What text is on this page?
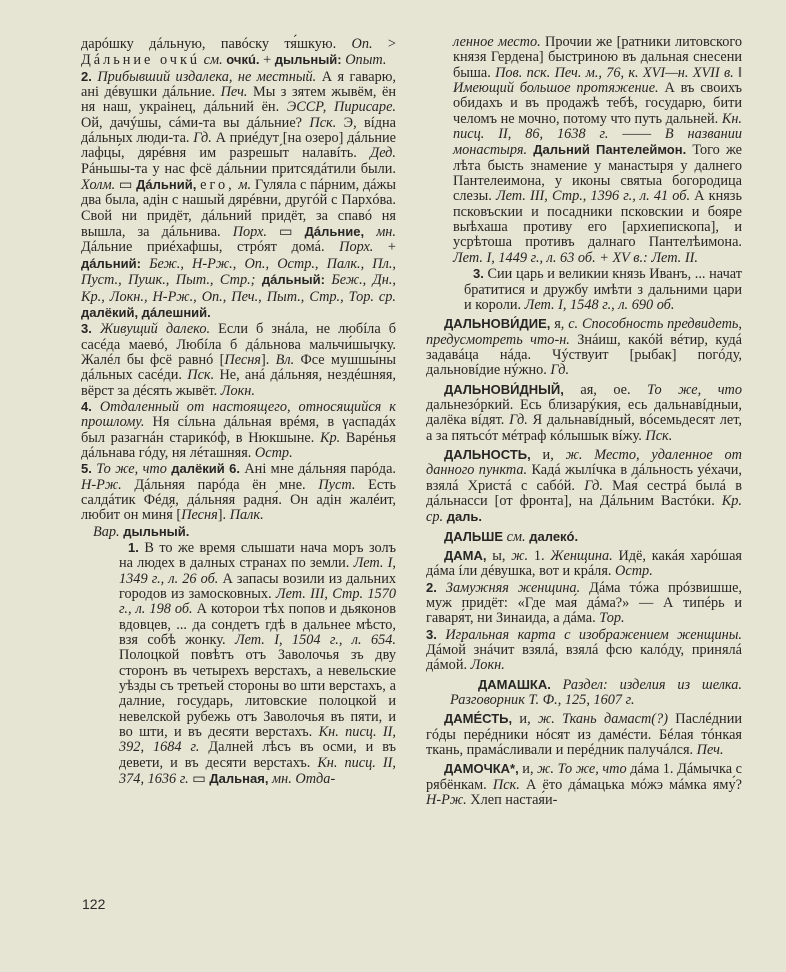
дарóшку дáльную, павóску тя́шкую. Оп. > Дáльние очкú см. очкú. + дыльный: Опыт.

2. Прибывший издалека, не местный. А я гаварю, ані дéвушки дáльние. Печ. Мы з зятем жывём, ён ня наш, украінец, дáльний ён. ЭССР, Пирисаре. Ой, дачýшы, сáми-та вы дáльние? Пск. Э, вíдна дáльных люди-та. Гд. А приéдут [на озеро] дáльние лафцы́, дярéвня им разрешы́т налавíть. Дед. Рáньшы-та у нас фсё дáльнии притсядáтили были. Холм. ▭ Дáльний, его, м. Гуля́ла с пáрним, дáжы два была, адін с нашый дярéвни, другóй с Пархóва. Свой ни придёт, дáльний придёт, за спавó ня вышла, за дáльнива. Порх. ▭ Дáльние, мн. Дáльние приéхафшы, стрóят домá. Порх. + дáльний: Беж., Н-Рж., Оп., Остр., Палк., Пл., Пуст., Пушк., Пыт., Стр.; дáльный: Беж., Дн., Кр., Локн., Н-Рж., Оп., Печ., Пыт., Стр., Тор. ср. далёкий, дáлешний.

3. Живущий далеко. Если б знáла, не любíла б сасéда маевó, Любíла б дáльнова мальчи́шычку. Жалéл бы фсё равнó [Песня]. Вл. Фсе мушшы́ны дáльных сасéди. Пск. Не, анá дáльняя, нездéшняя, вёрст за дéсять жывёт. Локн.

4. Отдаленный от настоящего, относящийся к прошлому. Ня сíльна дáльная врéмя, в γаспадáх был разагнáн старикóф, в Нюкшыне. Кр. Варéнья дáльнава гóду, ня лéташняя. Остр.

5. То же, что далёкий 6. Ані мне дáльняя парóда. Н-Рж. Дáльняя парóда ён мне. Пуст. Есть салдáтик Фéдя, дáльняя радня́. Он адін жалéит, любит он миня́ [Песня]. Палк.

Вар. дыльный.

1. В то же время слышати нача моръ золъ на людех в далных странах по земли. Лет. I, 1349 г., л. 26 об. А запасы возили из дальних городов из замосковных. Лет. III, Стр. 1570 г., л. 198 об. А которои тѣх попов и дьяконов вдовцев, ... да сондетъ гдѣ в дальнее мѣсто, взя собѣ жонку. Лет. I, 1504 г., л. 654. Полоцкой повѣтъ отъ Заволочья зъ дву сторонъ въ четырехъ верстахъ, а невельские уѣзды съ третьей стороны во шти верстахъ, а далние, государь, литовские полоцкой и невелской рубежь отъ Заволочья въ пяти, и во шти, и въ десяти верстахъ. Кн. писц. II, 392, 1684 г. Далней лѣсъ въ осми, и въ девети, и въ десяти верстахъ. Кн. писц. II, 374, 1636 г. ▭ Дальная, мн. Отда-

ленное место. Прочии же [ратники литовского князя Гердена] быстриною въ дальная снесени быша. Пов. пск. Печ. м., 76, к. XVI—н. XVII в. ‖ Имеющий большое протяжение. А въ своихъ обидахъ и въ продажѣ тебѣ, государю, бити челомъ не мочно, потому что путь дальней. Кн. писц. II, 86, 1638 г. —— В названии монастыря. Дальний Пантелеймон. Того же лѣта бысть знамение у манастыря у далнего Пантелеимона, у иконы святыа богородица слезы. Лет. III, Стр., 1396 г., л. 41 об. А князь псковъскии и посадники псковскии и бояре выѣхаша противу его [архиепископа], и усрѣтоша противъ далнаго Пантелѣимона. Лет. I, 1449 г., л. 63 об. + XV в.: Лет. II.

3. Сии царь и великии князь Иванъ, ... начат братитися и дружбу имѣти з дальними цари и короли. Лет. I, 1548 г., л. 690 об.

ДАЛЬНОВИ́ДИЕ, я, с. Способность предвидеть, предусмотреть что-н. Знáиш, какóй вéтир, кудá задавáца нáда. Чýствуит [рыбак] погóду, дальновíдие нýжно. Гд.

ДАЛЬНОВИ́ДНЫЙ, ая, ое. То же, что дальнезóркий. Есь близарýкия, есь дальнавíдныи, далёка вíдят. Гд. Я дальнавíдный, вóсемьдесят лет, а за пятьсóт мéтраф кóлышык вíжу. Пск.

ДАЛЬНОСТЬ, и, ж. Место, удаленное от данного пункта. Кадá жылíчка в дáльность уéхачи, взялá Христá с сабóй. Гд. Мая́ сестрá былá в дáльнасси [от фронта], на Дáльним Вастóки. Кр. ср. даль.

ДАЛЬШЕ см. далекó.

ДАМА, ы, ж. 1. Женщина. Идё, какáя харóшая дáма íли дéвушка, вот и крáля. Остр.

2. Замужняя женщина. Дáма тóжа прóзвишше, муж придёт: «Где мая́ дáма?» — А типéрь и гаваря́т, ни Зинаида, а дáма. Тор.

3. Игральная карта с изображением женщины. Дáмой знáчит взялá, взялá фсю калóду, принялá дáмой. Локн.

ДАМАШКА. Раздел: изделия из шелка. Разговорник Т. Ф., 125, 1607 г.

ДАМЕ́СТЬ, и, ж. Ткань дамаст(?) Паслéднии гóды перéдники нóсят из дамéсти. Бéлая тóнкая ткань, прамáсливали и перéдник палучáлся. Печ.

ДАМОЧКА*, и, ж. То же, что дáма 1. Дáмычка с рябёнкам. Пск. А ётo дáмацька мóжэ мáмка яму́? Н-Рж. Хлеп настая́и-

122
